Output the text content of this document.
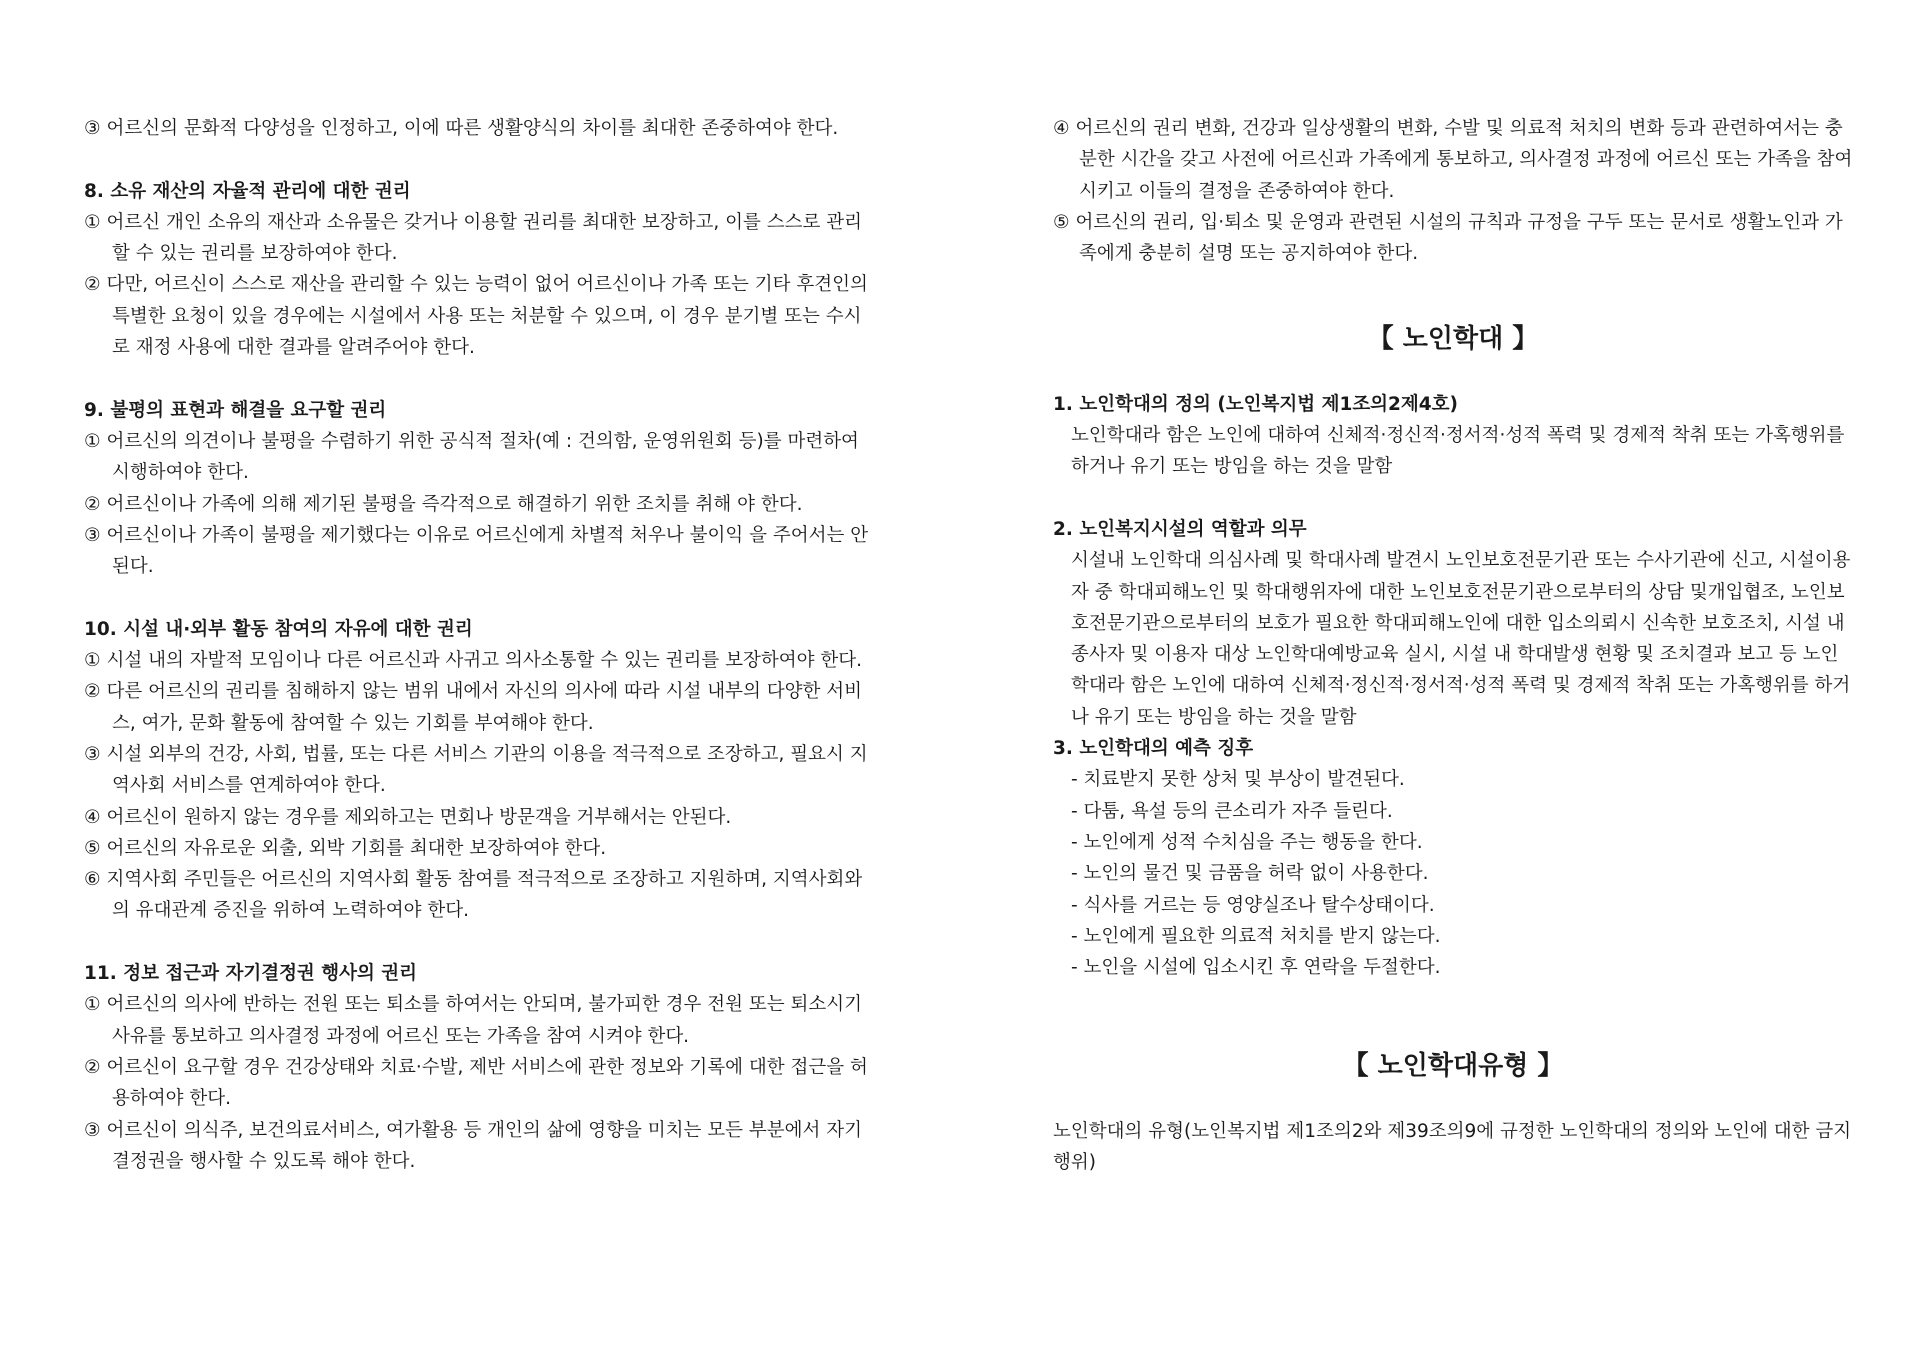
③ 어르신의 문화적 다양성을 인정하고, 이에 따른 생활양식의 차이를 최대한 존중하여야 한다.
8. 소유 재산의 자율적 관리에 대한 권리
① 어르신 개인 소유의 재산과 소유물은 갖거나 이용할 권리를 최대한 보장하고, 이를 스스로 관리할 수 있는 권리를 보장하여야 한다.
② 다만, 어르신이 스스로 재산을 관리할 수 있는 능력이 없어 어르신이나 가족 또는 기타 후견인의 특별한 요청이 있을 경우에는 시설에서 사용 또는 처분할 수 있으며, 이 경우 분기별 또는 수시로 재정 사용에 대한 결과를 알려주어야 한다.
9. 불평의 표현과 해결을 요구할 권리
① 어르신의 의견이나 불평을 수렴하기 위한 공식적 절차(예 : 건의함, 운영위원회 등)를 마련하여 시행하여야 한다.
② 어르신이나 가족에 의해 제기된 불평을 즉각적으로 해결하기 위한 조치를 취해 야 한다.
③ 어르신이나 가족이 불평을 제기했다는 이유로 어르신에게 차별적 처우나 불이익 을 주어서는 안된다.
10. 시설 내·외부 활동 참여의 자유에 대한 권리
① 시설 내의 자발적 모임이나 다른 어르신과 사귀고 의사소통할 수 있는 권리를 보장하여야 한다.
② 다른 어르신의 권리를 침해하지 않는 범위 내에서 자신의 의사에 따라 시설 내부의 다양한 서비스, 여가, 문화 활동에 참여할 수 있는 기회를 부여해야 한다.
③ 시설 외부의 건강, 사회, 법률, 또는 다른 서비스 기관의 이용을 적극적으로 조장하고, 필요시 지역사회 서비스를 연계하여야 한다.
④ 어르신이 원하지 않는 경우를 제외하고는 면회나 방문객을 거부해서는 안된다.
⑤ 어르신의 자유로운 외출, 외박 기회를 최대한 보장하여야 한다.
⑥ 지역사회 주민들은 어르신의 지역사회 활동 참여를 적극적으로 조장하고 지원하며, 지역사회와의 유대관계 증진을 위하여 노력하여야 한다.
11. 정보 접근과 자기결정권 행사의 권리
① 어르신의 의사에 반하는 전원 또는 퇴소를 하여서는 안되며, 불가피한 경우 전원 또는 퇴소시기 사유를 통보하고 의사결정 과정에 어르신 또는 가족을 참여 시켜야 한다.
② 어르신이 요구할 경우 건강상태와 치료·수발, 제반 서비스에 관한 정보와 기록에 대한 접근을 허용하여야 한다.
③ 어르신이 의식주, 보건의료서비스, 여가활용 등 개인의 삶에 영향을 미치는 모든 부분에서 자기결정권을 행사할 수 있도록 해야 한다.
④ 어르신의 권리 변화, 건강과 일상생활의 변화, 수발 및 의료적 처치의 변화 등과 관련하여서는 충분한 시간을 갖고 사전에 어르신과 가족에게 통보하고, 의사결정 과정에 어르신 또는 가족을 참여시키고 이들의 결정을 존중하여야 한다.
⑤ 어르신의 권리, 입·퇴소 및 운영과 관련된 시설의 규칙과 규정을 구두 또는 문서로 생활노인과 가족에게 충분히 설명 또는 공지하여야 한다.
【 노인학대 】
1. 노인학대의 정의 (노인복지법 제1조의2제4호)
노인학대라 함은 노인에 대하여 신체적·정신적·정서적·성적 폭력 및 경제적 착취 또는 가혹행위를 하거나 유기 또는 방임을 하는 것을 말함
2. 노인복지시설의 역할과 의무
시설내 노인학대 의심사례 및 학대사례 발견시 노인보호전문기관 또는 수사기관에 신고, 시설이용자 중 학대피해노인 및 학대행위자에 대한 노인보호전문기관으로부터의 상담 및개입협조, 노인보호전문기관으로부터의 보호가 필요한 학대피해노인에 대한 입소의뢰시 신속한 보호조치, 시설 내 종사자 및 이용자 대상 노인학대예방교육 실시, 시설 내 학대발생 현황 및 조치결과 보고 등 노인학대라 함은 노인에 대하여 신체적·정신적·정서적·성적 폭력 및 경제적 착취 또는 가혹행위를 하거나 유기 또는 방임을 하는 것을 말함
3. 노인학대의 예측 징후
- 치료받지 못한 상처 및 부상이 발견된다.
- 다툼, 욕설 등의 큰소리가 자주 들린다.
- 노인에게 성적 수치심을 주는 행동을 한다.
- 노인의 물건 및 금품을 허락 없이 사용한다.
- 식사를 거르는 등 영양실조나 탈수상태이다.
- 노인에게 필요한 의료적 처치를 받지 않는다.
- 노인을 시설에 입소시킨 후 연락을 두절한다.
【 노인학대유형 】
노인학대의 유형(노인복지법 제1조의2와 제39조의9에 규정한 노인학대의 정의와 노인에 대한 금지행위)
